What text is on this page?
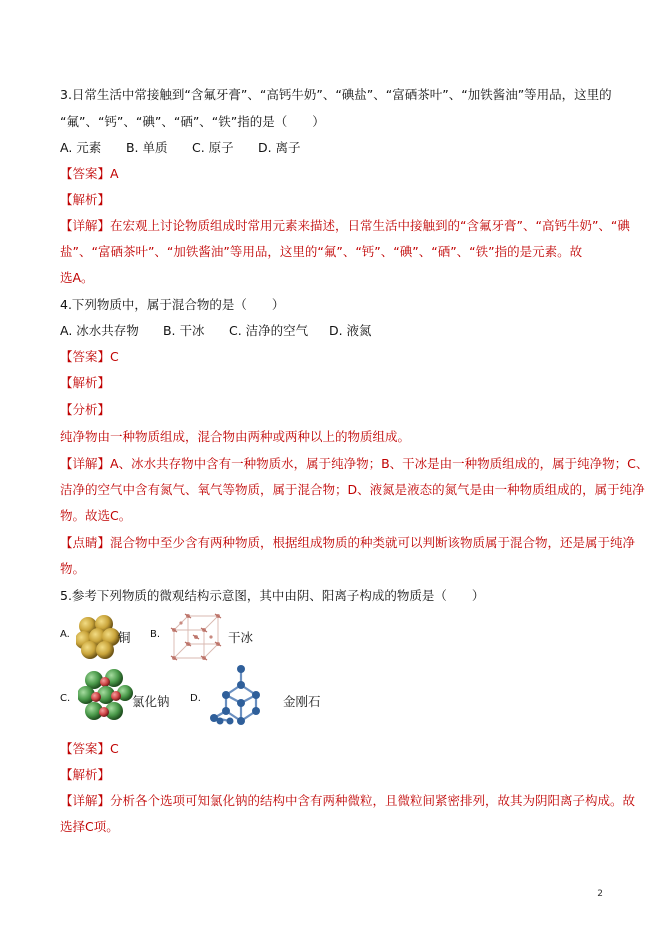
3.日常生活中常接触到“含氟牙膏”、“高钙牛奶”、“碘盐”、“富硒茶叶”、“加铁酱油”等用品，这里的
“氟”、“钙”、“碘”、“硒”、“铁”指的是（　　）
A. 元素 B. 单质 C. 原子 D. 离子
【答案】A
【解析】
【详解】在宏观上讨论物质组成时常用元素来描述，日常生活中接触到的“含氟牙膏”、“高钙牛奶”、“碘
盐”、“富硒茶叶”、“加铁酱油”等用品，这里的“氟”、“钙”、“碘”、“硒”、“铁”指的是元素。故
选A。
4.下列物质中，属于混合物的是（　　）
A. 冰水共存物 B. 干冰 C. 洁净的空气 D. 液氮
【答案】C
【解析】
【分析】
纯净物由一种物质组成，混合物由两种或两种以上的物质组成。
【详解】A、冰水共存物中含有一种物质水，属于纯净物；B、干冰是由一种物质组成的，属于纯净物；C、
洁净的空气中含有氮气、氧气等物质，属于混合物；D、液氮是液态的氮气是由一种物质组成的，属于纯净
物。故选C。
【点睛】混合物中至少含有两种物质，根据组成物质的种类就可以判断该物质属于混合物，还是属于纯净
物。
5.参考下列物质的微观结构示意图，其中由阴、阳离子构成的物质是（　　）
A.	铜 B.	干冰
C.	氯化钠 D.	金刚石
【答案】C
【解析】
【详解】分析各个选项可知氯化钠的结构中含有两种微粒，且微粒间紧密排列，故其为阴阳离子构成。故
选择C项。
2
